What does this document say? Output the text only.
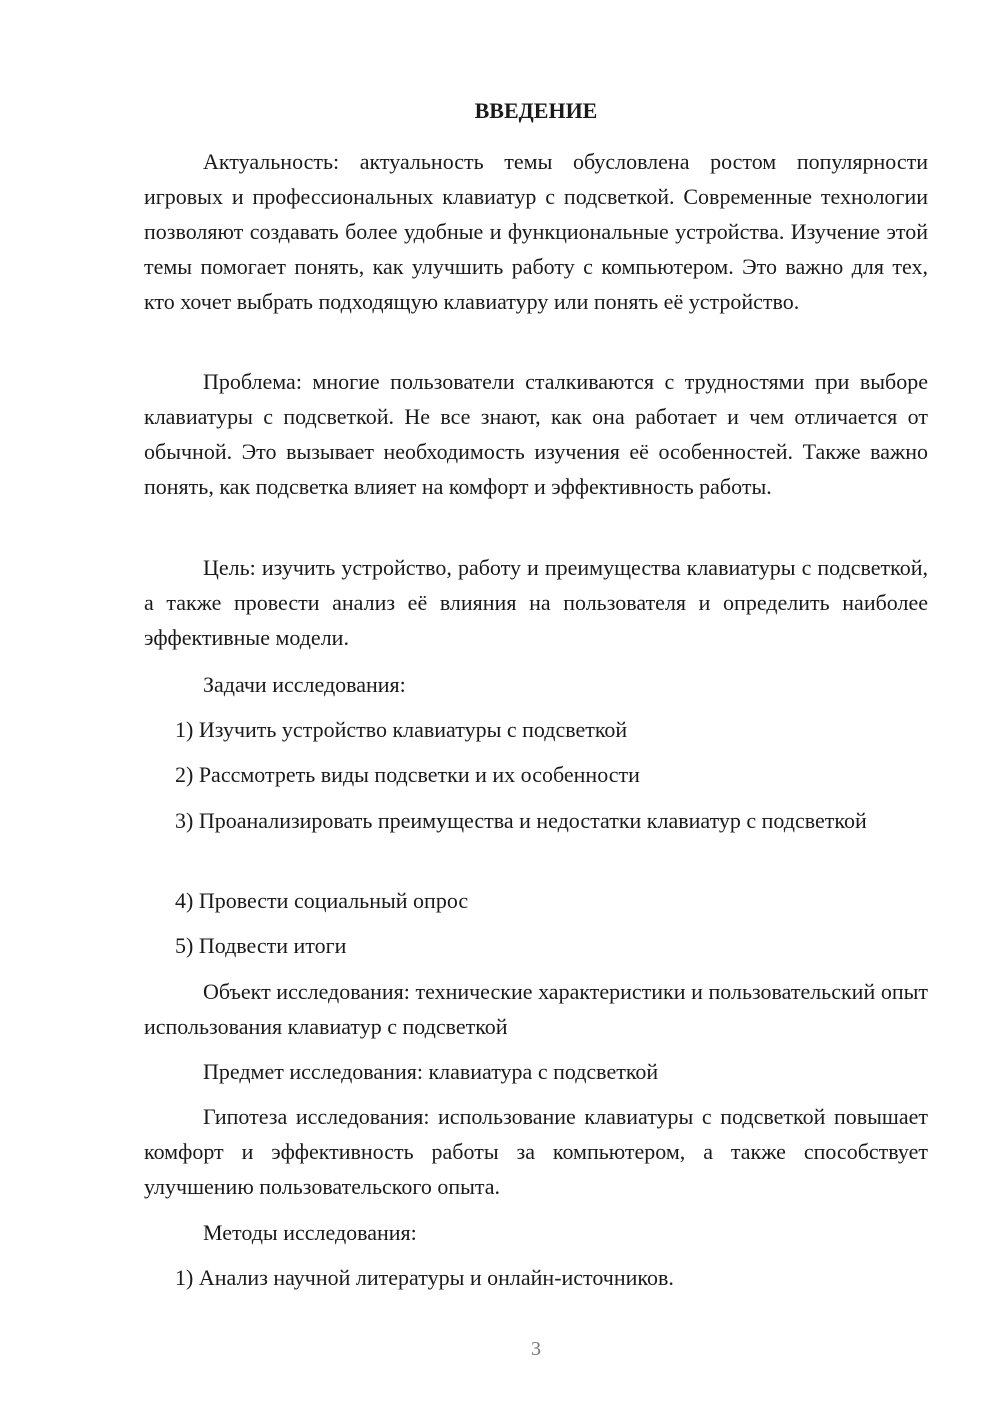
ВВЕДЕНИЕ

Актуальность: актуальность темы обусловлена ростом популярности игровых и профессиональных клавиатур с подсветкой. Современные технологии позволяют создавать более удобные и функциональные устройства. Изучение этой темы помогает понять, как улучшить работу с компьютером. Это важно для тех, кто хочет выбрать подходящую клавиатуру или понять её устройство.

Проблема: многие пользователи сталкиваются с трудностями при выборе клавиатуры с подсветкой. Не все знают, как она работает и чем отличается от обычной. Это вызывает необходимость изучения её особенностей. Также важно понять, как подсветка влияет на комфорт и эффективность работы.

Цель: изучить устройство, работу и преимущества клавиатуры с подсветкой, а также провести анализ её влияния на пользователя и определить наиболее эффективные модели.

Задачи исследования:

1) Изучить устройство клавиатуры с подсветкой

2) Рассмотреть виды подсветки и их особенности

3) Проанализировать преимущества и недостатки клавиатур с подсветкой

4) Провести социальный опрос

5) Подвести итоги

Объект исследования: технические характеристики и пользовательский опыт использования клавиатур с подсветкой

Предмет исследования: клавиатура с подсветкой

Гипотеза исследования: использование клавиатуры с подсветкой повышает комфорт и эффективность работы за компьютером, а также способствует улучшению пользовательского опыта.

Методы исследования:

1) Анализ научной литературы и онлайн-источников.

3
